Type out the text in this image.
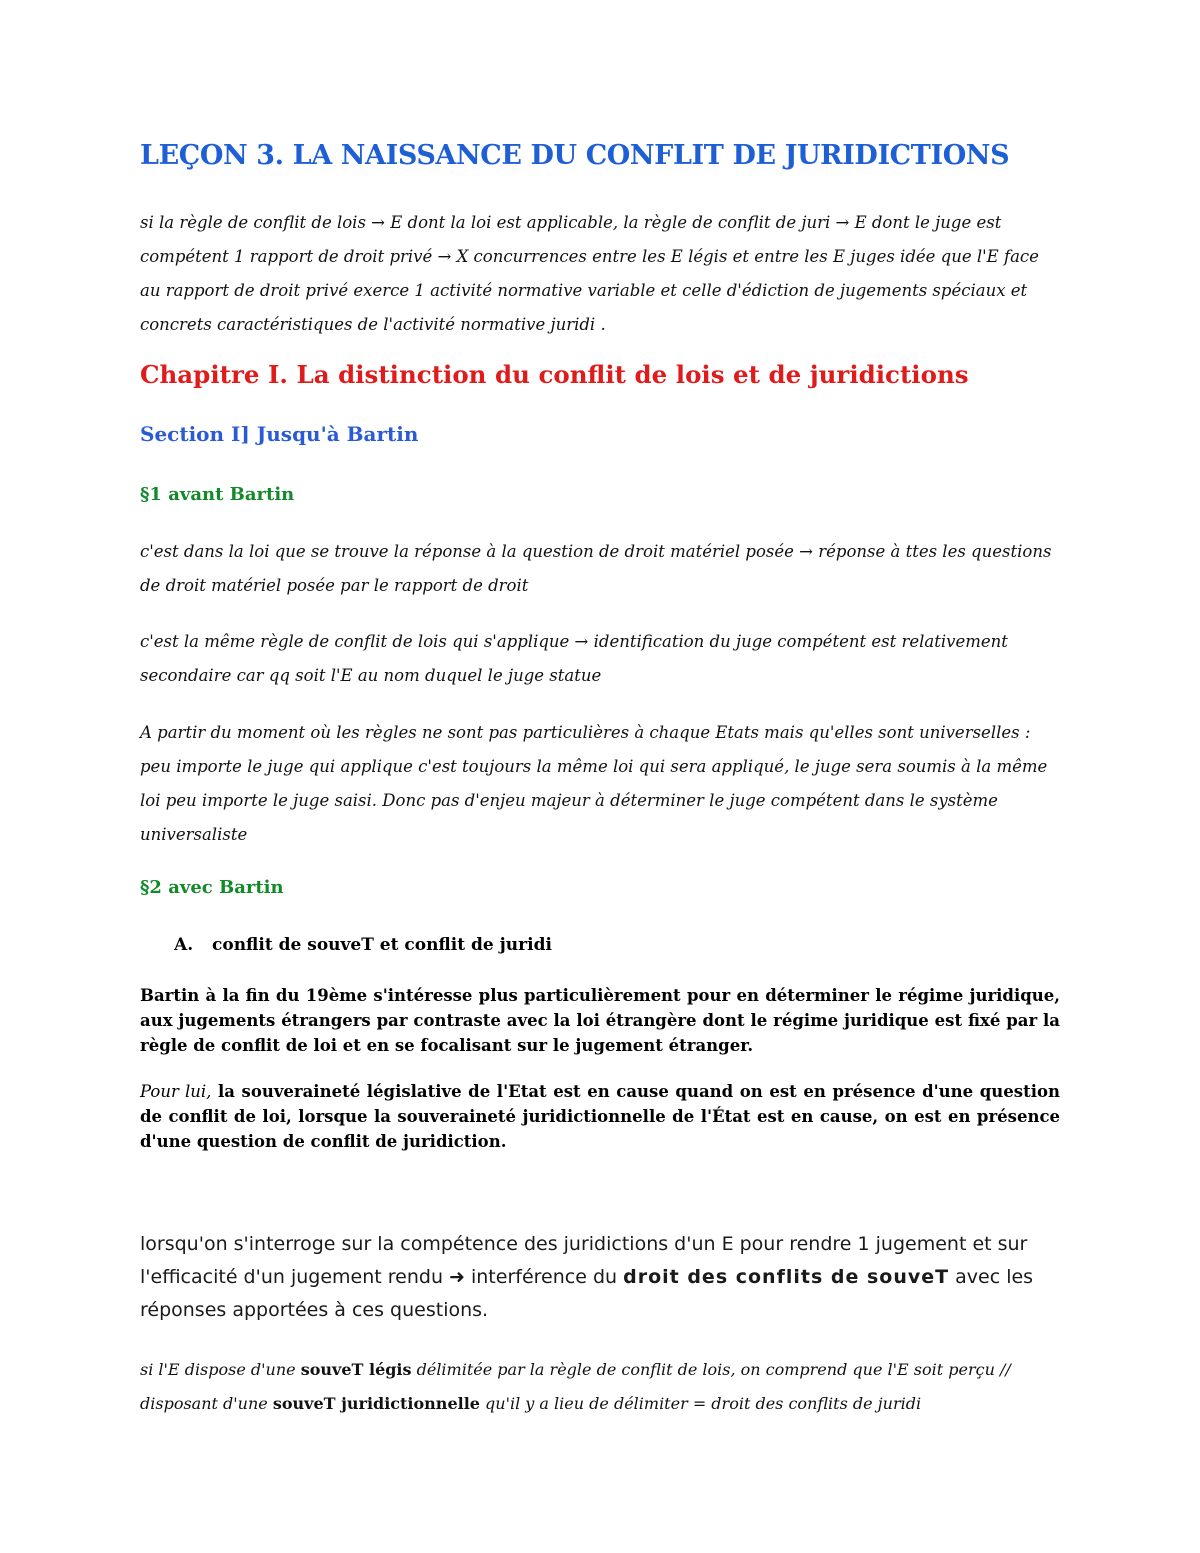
LEÇON 3. LA NAISSANCE DU CONFLIT DE JURIDICTIONS
si la règle de conflit de lois → E dont la loi est applicable, la règle de conflit de juri → E dont le juge est compétent 1 rapport de droit privé → X concurrences entre les E légis et entre les E juges idée que l'E face au rapport de droit privé exerce 1 activité normative variable et celle d'édiction de jugements spéciaux et concrets caractéristiques de l'activité normative juridi .
Chapitre I. La distinction du conflit de lois et de juridictions
Section I] Jusqu'à Bartin
§1 avant Bartin
c'est dans la loi que se trouve la réponse à la question de droit matériel posée → réponse à ttes les questions de droit matériel posée par le rapport de droit
c'est la même règle de conflit de lois qui s'applique → identification du juge compétent est relativement secondaire car qq soit l'E au nom duquel le juge statue
A partir du moment où les règles ne sont pas particulières à chaque Etats mais qu'elles sont universelles : peu importe le juge qui applique c'est toujours la même loi qui sera appliqué, le juge sera soumis à la même loi peu importe le juge saisi. Donc pas d'enjeu majeur à déterminer le juge compétent dans le système universaliste
§2 avec Bartin
A. conflit de souveT et conflit de juridi
Bartin à la fin du 19ème s'intéresse plus particulièrement pour en déterminer le régime juridique, aux jugements étrangers par contraste avec la loi étrangère dont le régime juridique est fixé par la règle de conflit de loi et en se focalisant sur le jugement étranger.
Pour lui, la souveraineté législative de l'Etat est en cause quand on est en présence d'une question de conflit de loi, lorsque la souveraineté juridictionnelle de l'État est en cause, on est en présence d'une question de conflit de juridiction.
lorsqu'on s'interroge sur la compétence des juridictions d'un E pour rendre 1 jugement et sur l'efficacité d'un jugement rendu ➜ interférence du droit des conflits de souveT avec les réponses apportées à ces questions.
si l'E dispose d'une souveT légis délimitée par la règle de conflit de lois, on comprend que l'E soit perçu // disposant d'une souveT juridictionnelle qu'il y a lieu de délimiter = droit des conflits de juridi
